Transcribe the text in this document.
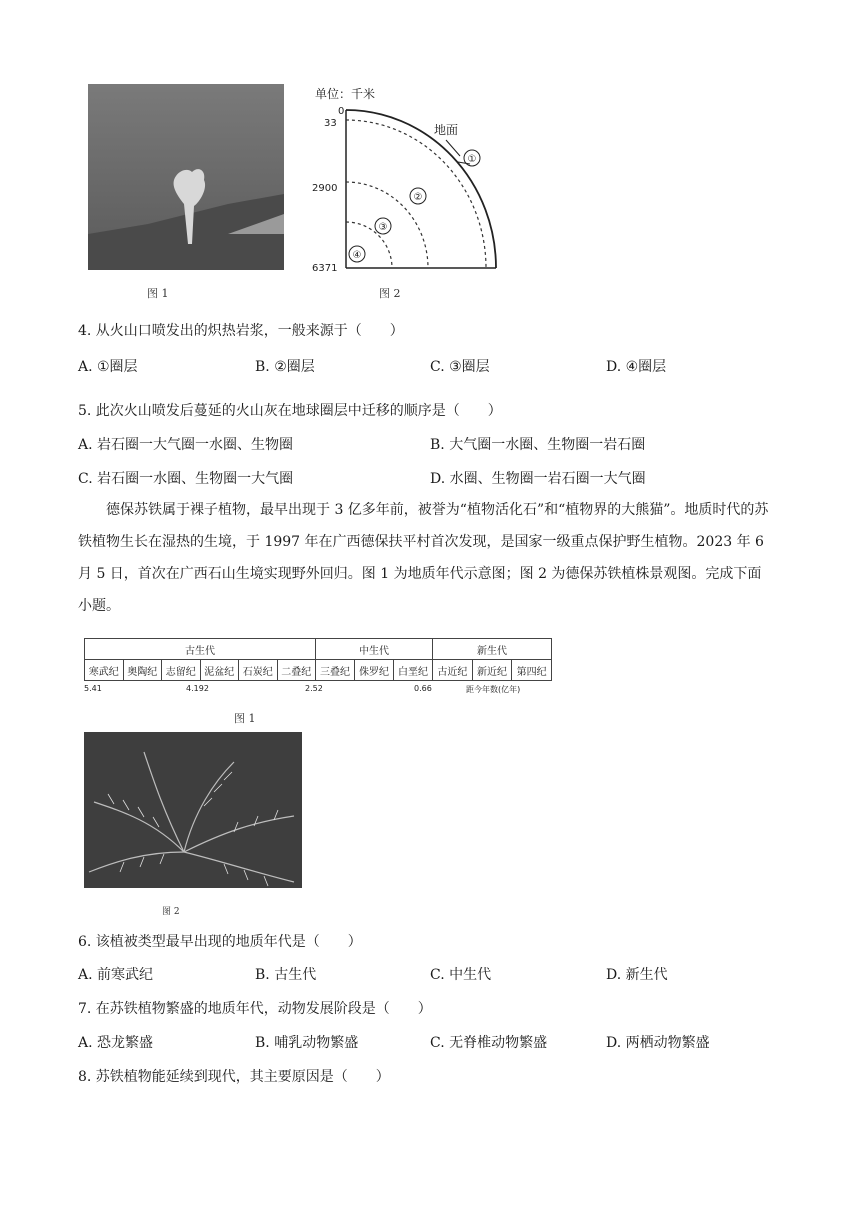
图 1
单位：千米
0
33
2900
6371
地面
①
②
③
④
图 2
4. 从火山口喷发出的炽热岩浆，一般来源于（　　）
A. ①圈层	B. ②圈层	C. ③圈层	D. ④圈层
5. 此次火山喷发后蔓延的火山灰在地球圈层中迁移的顺序是（　　）
A. 岩石圈一大气圈一水圈、生物圈	B. 大气圈一水圈、生物圈一岩石圈
C. 岩石圈一水圈、生物圈一大气圈	D. 水圈、生物圈一岩石圈一大气圈
德保苏铁属于裸子植物，最早出现于 3 亿多年前，被誉为“植物活化石”和“植物界的大熊猫”。地质时代的苏铁植物生长在湿热的生境，于 1997 年在广西德保扶平村首次发现，是国家一级重点保护野生植物。2023 年 6 月 5 日，首次在广西石山生境实现野外回归。图 1 为地质年代示意图；图 2 为德保苏铁植株景观图。完成下面小题。
古生代						中生代			新生代		
寒武纪	奥陶纪	志留纪	泥盆纪	石炭纪	二叠纪	三叠纪	侏罗纪	白垩纪	古近纪	新近纪	第四纪
5.41	4.192	2.52	0.66	距今年数(亿年)
图 1
图 2
6. 该植被类型最早出现的地质年代是（　　）
A. 前寒武纪	B. 古生代	C. 中生代	D. 新生代
7. 在苏铁植物繁盛的地质年代，动物发展阶段是（　　）
A. 恐龙繁盛	B. 哺乳动物繁盛	C. 无脊椎动物繁盛	D. 两栖动物繁盛
8. 苏铁植物能延续到现代，其主要原因是（　　）
